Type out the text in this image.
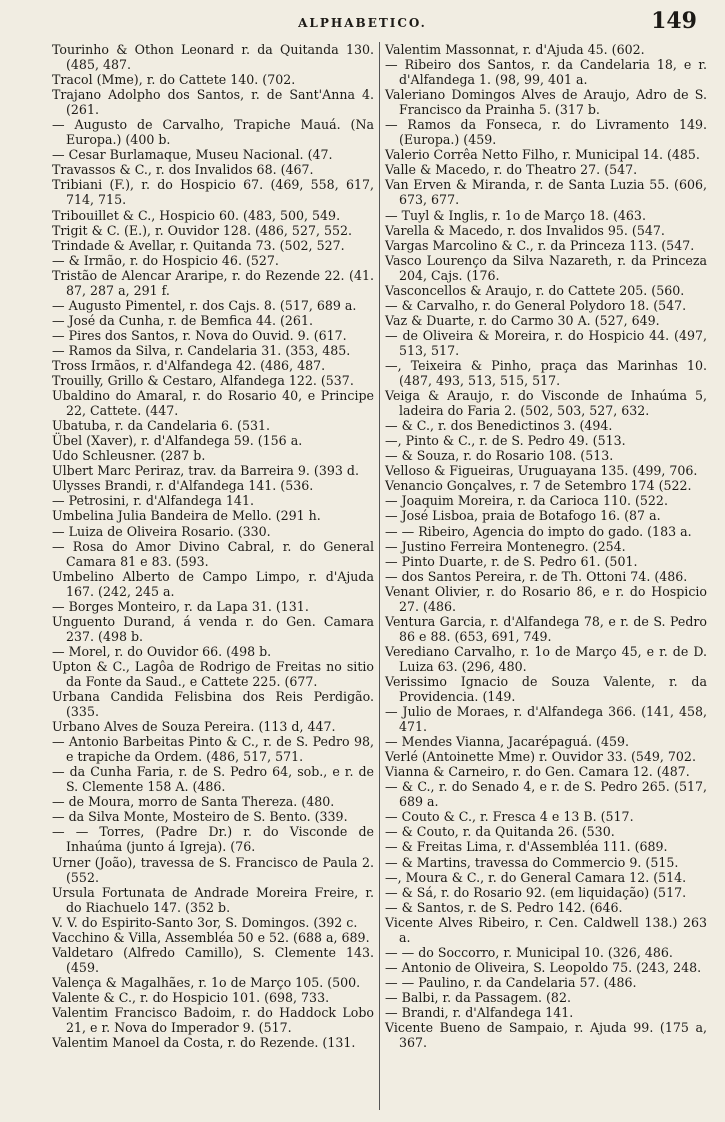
ALPHABETICO.	149
Tourinho & Othon Leonard r. da Quitanda 130. (485, 487.
Tracol (Mme), r. do Cattete 140. (702.
Trajano Adolpho dos Santos, r. de Sant'Anna 4. (261.
— Augusto de Carvalho, Trapiche Mauá. (Na Europa.) (400 b.
— Cesar Burlamaque, Museu Nacional. (47.
Travassos & C., r. dos Invalidos 68. (467.
Tribiani (F.), r. do Hospicio 67. (469, 558, 617, 714, 715.
Tribouillet & C., Hospicio 60. (483, 500, 549.
Trigit & C. (E.), r. Ouvidor 128. (486, 527, 552.
Trindade & Avellar, r. Quitanda 73. (502, 527.
— & Irmão, r. do Hospicio 46. (527.
Tristão de Alencar Araripe, r. do Rezende 22. (41. 87, 287 a, 291 f.
— Augusto Pimentel, r. dos Cajs. 8. (517, 689 a.
— José da Cunha, r. de Bemfica 44. (261.
— Pires dos Santos, r. Nova do Ouvid. 9. (617.
— Ramos da Silva, r. Candelaria 31. (353, 485.
Tross Irmãos, r. d'Alfandega 42. (486, 487.
Trouilly, Grillo & Cestaro, Alfandega 122. (537.
Ubaldino do Amaral, r. do Rosario 40, e Principe 22, Cattete. (447.
Ubatuba, r. da Candelaria 6. (531.
Übel (Xaver), r. d'Alfandega 59. (156 a.
Udo Schleusner. (287 b.
Ulbert Marc Periraz, trav. da Barreira 9. (393 d.
Ulysses Brandi, r. d'Alfandega 141. (536.
— Petrosini, r. d'Alfandega 141.
Umbelina Julia Bandeira de Mello. (291 h.
— Luiza de Oliveira Rosario. (330.
— Rosa do Amor Divino Cabral, r. do General Camara 81 e 83. (593.
Umbelino Alberto de Campo Limpo, r. d'Ajuda 167. (242, 245 a.
— Borges Monteiro, r. da Lapa 31. (131.
Unguento Durand, á venda r. do Gen. Camara 237. (498 b.
— Morel, r. do Ouvidor 66. (498 b.
Upton & C., Lagôa de Rodrigo de Freitas no sitio da Fonte da Saud., e Cattete 225. (677.
Urbana Candida Felisbina dos Reis Perdigão. (335.
Urbano Alves de Souza Pereira. (113 d, 447.
— Antonio Barbeitas Pinto & C., r. de S. Pedro 98, e trapiche da Ordem. (486, 517, 571.
— da Cunha Faria, r. de S. Pedro 64, sob., e r. de S. Clemente 158 A. (486.
— de Moura, morro de Santa Thereza. (480.
— da Silva Monte, Mosteiro de S. Bento. (339.
— — Torres, (Padre Dr.) r. do Visconde de Inhaúma (junto á Igreja). (76.
Urner (João), travessa de S. Francisco de Paula 2. (552.
Ursula Fortunata de Andrade Moreira Freire, r. do Riachuelo 147. (352 b.
V. V. do Espirito-Santo 3or, S. Domingos. (392 c.
Vacchino & Villa, Assembléa 50 e 52. (688 a, 689.
Valdetaro (Alfredo Camillo), S. Clemente 143. (459.
Valença & Magalhães, r. 1o de Março 105. (500.
Valente & C., r. do Hospicio 101. (698, 733.
Valentim Francisco Badoim, r. do Haddock Lobo 21, e r. Nova do Imperador 9. (517.
Valentim Manoel da Costa, r. do Rezende. (131.
Valentim Massonnat, r. d'Ajuda 45. (602.
— Ribeiro dos Santos, r. da Candelaria 18, e r. d'Alfandega 1. (98, 99, 401 a.
Valeriano Domingos Alves de Araujo, Adro de S. Francisco da Prainha 5. (317 b.
— Ramos da Fonseca, r. do Livramento 149. (Europa.) (459.
Valerio Corrêa Netto Filho, r. Municipal 14. (485.
Valle & Macedo, r. do Theatro 27. (547.
Van Erven & Miranda, r. de Santa Luzia 55. (606, 673, 677.
— Tuyl & Inglis, r. 1o de Março 18. (463.
Varella & Macedo, r. dos Invalidos 95. (547.
Vargas Marcolino & C., r. da Princeza 113. (547.
Vasco Lourenço da Silva Nazareth, r. da Princeza 204, Cajs. (176.
Vasconcellos & Araujo, r. do Cattete 205. (560.
— & Carvalho, r. do General Polydoro 18. (547.
Vaz & Duarte, r. do Carmo 30 A. (527, 649.
— de Oliveira & Moreira, r. do Hospicio 44. (497, 513, 517.
—, Teixeira & Pinho, praça das Marinhas 10. (487, 493, 513, 515, 517.
Veiga & Araujo, r. do Visconde de Inhaúma 5, ladeira do Faria 2. (502, 503, 527, 632.
— & C., r. dos Benedictinos 3. (494.
—, Pinto & C., r. de S. Pedro 49. (513.
— & Souza, r. do Rosario 108. (513.
Velloso & Figueiras, Uruguayana 135. (499, 706.
Venancio Gonçalves, r. 7 de Setembro 174 (522.
— Joaquim Moreira, r. da Carioca 110. (522.
— José Lisboa, praia de Botafogo 16. (87 a.
— — Ribeiro, Agencia do impto do gado. (183 a.
— Justino Ferreira Montenegro. (254.
— Pinto Duarte, r. de S. Pedro 61. (501.
— dos Santos Pereira, r. de Th. Ottoni 74. (486.
Venant Olivier, r. do Rosario 86, e r. do Hospicio 27. (486.
Ventura Garcia, r. d'Alfandega 78, e r. de S. Pedro 86 e 88. (653, 691, 749.
Verediano Carvalho, r. 1o de Março 45, e r. de D. Luiza 63. (296, 480.
Verissimo Ignacio de Souza Valente, r. da Providencia. (149.
— Julio de Moraes, r. d'Alfandega 366. (141, 458, 471.
— Mendes Vianna, Jacarépaguá. (459.
Verlé (Antoinette Mme) r. Ouvidor 33. (549, 702.
Vianna & Carneiro, r. do Gen. Camara 12. (487.
— & C., r. do Senado 4, e r. de S. Pedro 265. (517, 689 a.
— Couto & C., r. Fresca 4 e 13 B. (517.
— & Couto, r. da Quitanda 26. (530.
— & Freitas Lima, r. d'Assembléa 111. (689.
— & Martins, travessa do Commercio 9. (515.
—, Moura & C., r. do General Camara 12. (514.
— & Sá, r. do Rosario 92. (em liquidação) (517.
— & Santos, r. de S. Pedro 142. (646.
Vicente Alves Ribeiro, r. Cen. Caldwell 138.) 263 a.
— — do Soccorro, r. Municipal 10. (326, 486.
— Antonio de Oliveira, S. Leopoldo 75. (243, 248.
— — Paulino, r. da Candelaria 57. (486.
— Balbi, r. da Passagem. (82.
— Brandi, r. d'Alfandega 141.
Vicente Bueno de Sampaio, r. Ajuda 99. (175 a, 367.
